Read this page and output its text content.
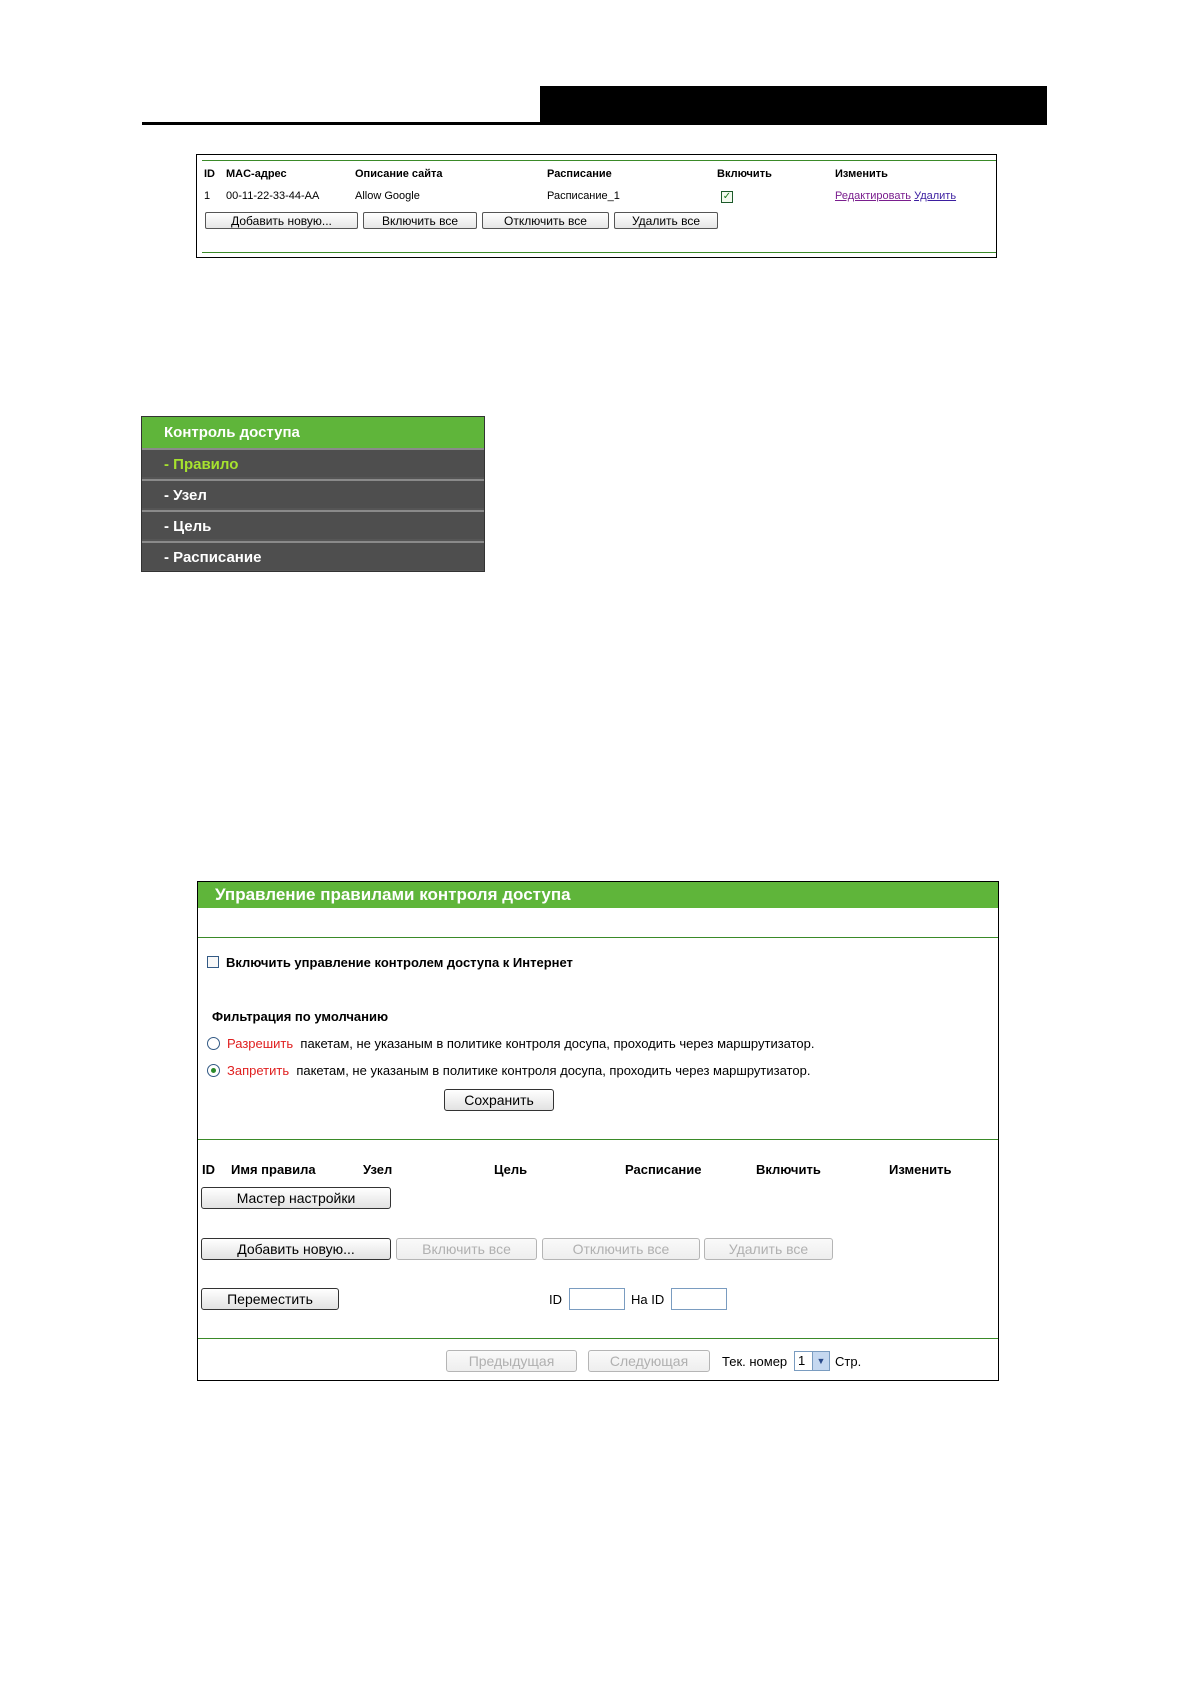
ID MAC-адрес	Описание сайта	Расписание	Включить	Изменить
1 00-11-22-33-44-AA	Allow Google	Расписание_1	✓	Редактировать Удалить
Добавить новую...	Включить все	Отключить все	Удалить все
Контроль доступа
- Правило
- Узел
- Цель
- Расписание
Управление правилами контроля доступа
Включить управление контролем доступа к Интернет
Фильтрация по умолчанию
Разрешить пакетам, не указаным в политике контроля досупа, проходить через маршрутизатор.
Запретить пакетам, не указаным в политике контроля досупа, проходить через маршрутизатор.
Сохранить
ID Имя правила	Узел	Цель	Расписание	Включить	Изменить
Мастер настройки
Добавить новую...	Включить все	Отключить все	Удалить все
Переместить	ID	На ID
Предыдущая	Следующая	Тек. номер 1	▼ Стр.
